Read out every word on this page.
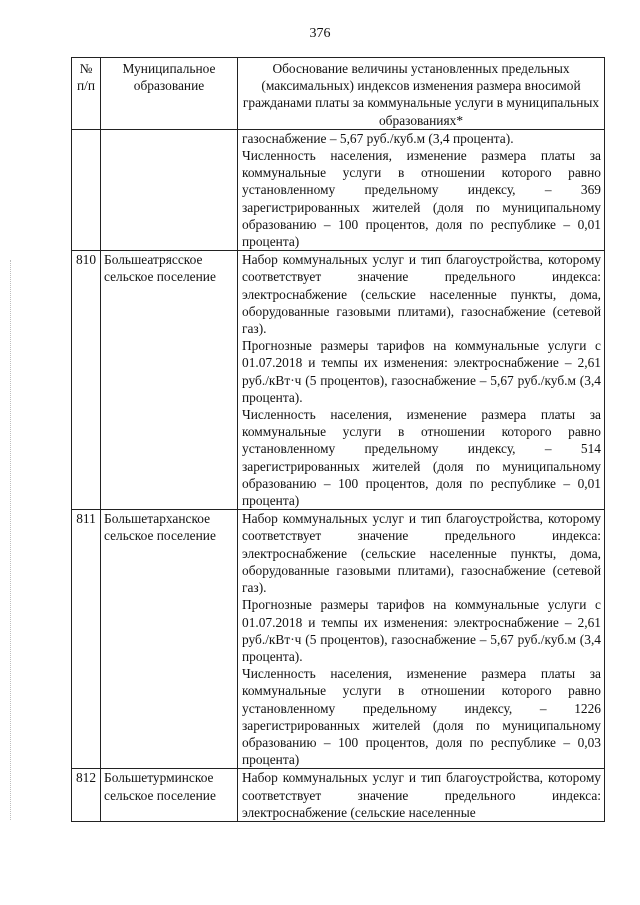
376
№ п/п	Муниципальное образование	Обоснование величины установленных предельных (максимальных) индексов изменения размера вносимой гражданами платы за коммунальные услуги в муниципальных образованиях*

		газоснабжение – 5,67 руб./куб.м (3,4 процента).

Численность населения, изменение размера платы за коммунальные услуги в отношении которого равно установленному предельному индексу, – 369 зарегистрированных жителей (доля по муниципальному образованию – 100 процентов, доля по республике – 0,01 процента)

810	Большеатрясское сельское поселение	Набор коммунальных услуг и тип благоустройства, которому соответствует значение предельного индекса: электроснабжение (сельские населенные пункты, дома, оборудованные газовыми плитами), газоснабжение (сетевой газ).

Прогнозные размеры тарифов на коммунальные услуги с 01.07.2018 и темпы их изменения: электроснабжение – 2,61 руб./кВт·ч (5 процентов), газоснабжение – 5,67 руб./куб.м (3,4 процента).

Численность населения, изменение размера платы за коммунальные услуги в отношении которого равно установленному предельному индексу, – 514 зарегистрированных жителей (доля по муниципальному образованию – 100 процентов, доля по республике – 0,01 процента)

811	Большетарханское сельское поселение	Набор коммунальных услуг и тип благоустройства, которому соответствует значение предельного индекса: электроснабжение (сельские населенные пункты, дома, оборудованные газовыми плитами), газоснабжение (сетевой газ).

Прогнозные размеры тарифов на коммунальные услуги с 01.07.2018 и темпы их изменения: электроснабжение – 2,61 руб./кВт·ч (5 процентов), газоснабжение – 5,67 руб./куб.м (3,4 процента).

Численность населения, изменение размера платы за коммунальные услуги в отношении которого равно установленному предельному индексу, – 1226 зарегистрированных жителей (доля по муниципальному образованию – 100 процентов, доля по республике – 0,03 процента)

812	Большетурминское сельское поселение	Набор коммунальных услуг и тип благоустройства, которому соответствует значение предельного индекса: электроснабжение (сельские населенные
